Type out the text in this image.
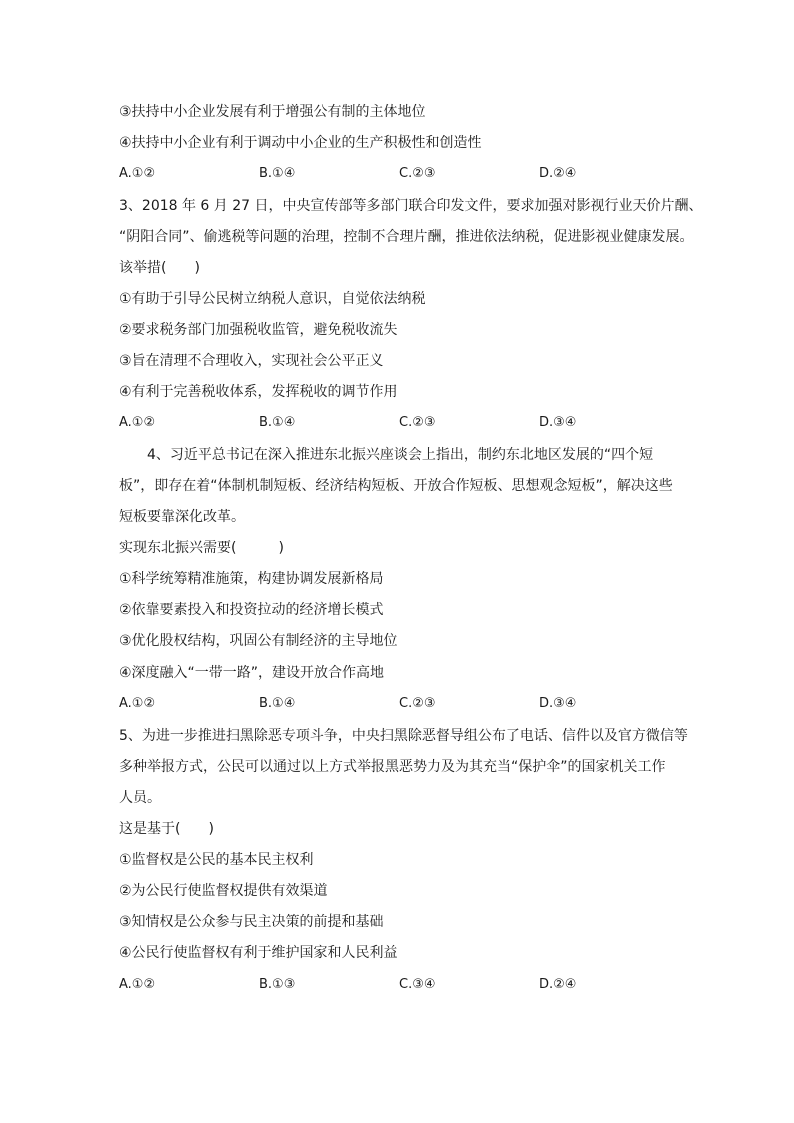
③扶持中小企业发展有利于增强公有制的主体地位
④扶持中小企业有利于调动中小企业的生产积极性和创造性
A.①②	B.①④	C.②③	D.②④
3、2018 年 6 月 27 日，中央宣传部等多部门联合印发文件，要求加强对影视行业天价片酬、
“阴阳合同”、偷逃税等问题的治理，控制不合理片酬，推进依法纳税，促进影视业健康发展。
该举措(　　)
①有助于引导公民树立纳税人意识，自觉依法纳税
②要求税务部门加强税收监管，避免税收流失
③旨在清理不合理收入，实现社会公平正义
④有利于完善税收体系，发挥税收的调节作用
A.①②	B.①④	C.②③	D.③④
4、习近平总书记在深入推进东北振兴座谈会上指出，制约东北地区发展的“四个短
板”，即存在着“体制机制短板、经济结构短板、开放合作短板、思想观念短板”，解决这些
短板要靠深化改革。
实现东北振兴需要(　　　)
①科学统筹精准施策，构建协调发展新格局
②依靠要素投入和投资拉动的经济增长模式
③优化股权结构，巩固公有制经济的主导地位
④深度融入“一带一路”，建设开放合作高地
A.①②	B.①④	C.②③	D.③④
5、为进一步推进扫黑除恶专项斗争，中央扫黑除恶督导组公布了电话、信件以及官方微信等
多种举报方式，公民可以通过以上方式举报黑恶势力及为其充当“保护伞”的国家机关工作
人员。
这是基于(　　)
①监督权是公民的基本民主权利
②为公民行使监督权提供有效渠道
③知情权是公众参与民主决策的前提和基础
④公民行使监督权有利于维护国家和人民利益
A.①②	B.①③	C.③④	D.②④
